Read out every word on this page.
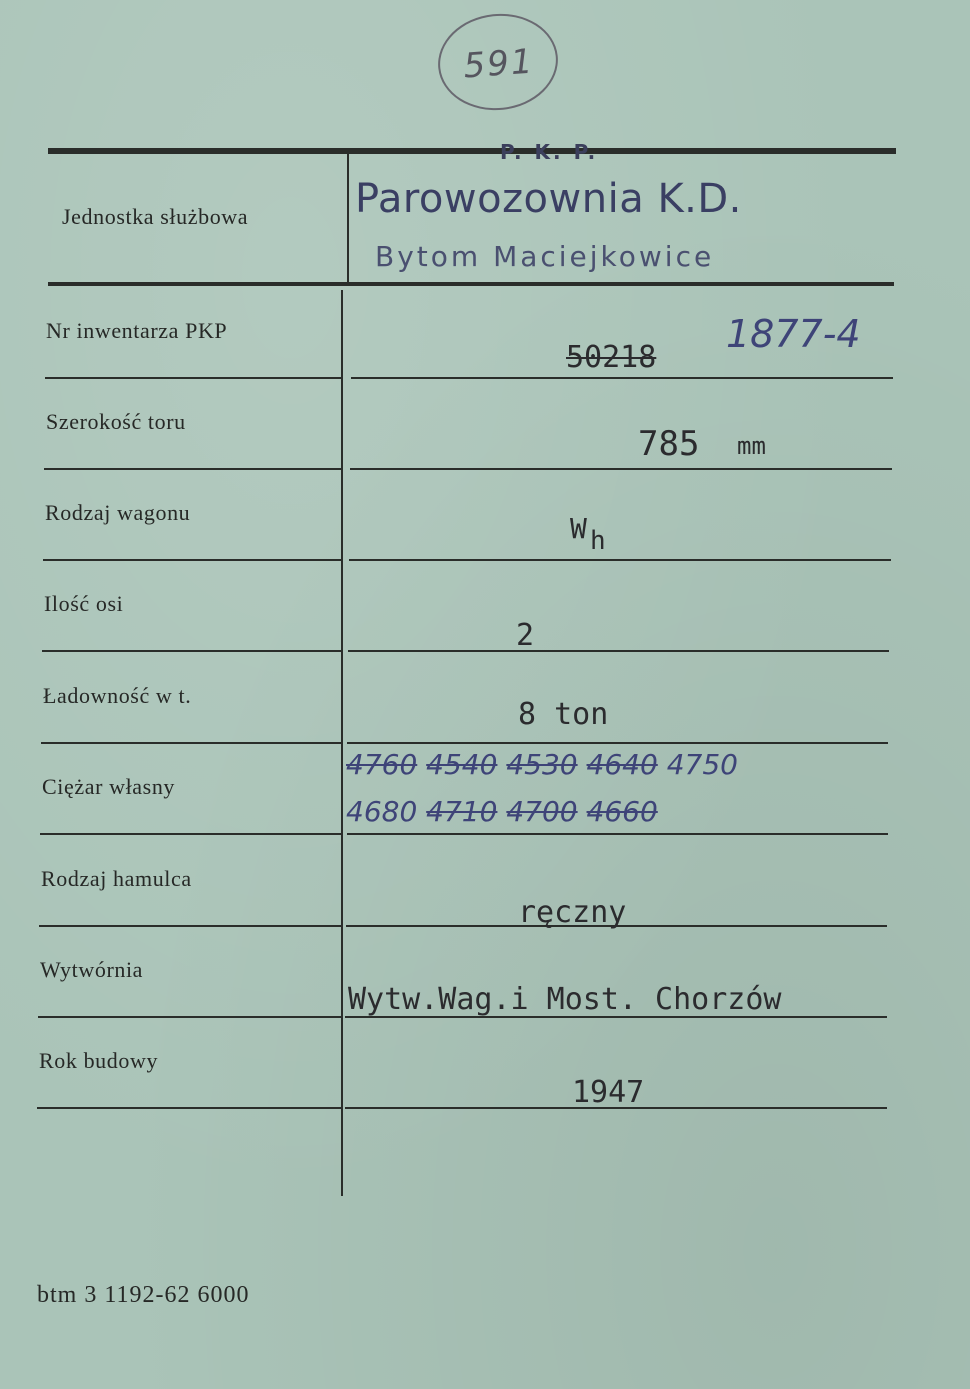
591
Jednostka służbowa
P. K. P.
Parowozownia K.D.
Bytom Maciejkowice
Nr inwentarza PKP
Szerokość toru
Rodzaj wagonu
Ilość osi
Ładowność w t.
Ciężar własny
Rodzaj hamulca
Wytwórnia
Rok budowy
50218
1877-4
785 mm
W h
2
8 ton
4760 4540 4530 4640 4750
4680 4710 4700 4660
ręczny
Wytw.Wag.i Most. Chorzów
1947
btm 3 1192-62 6000
